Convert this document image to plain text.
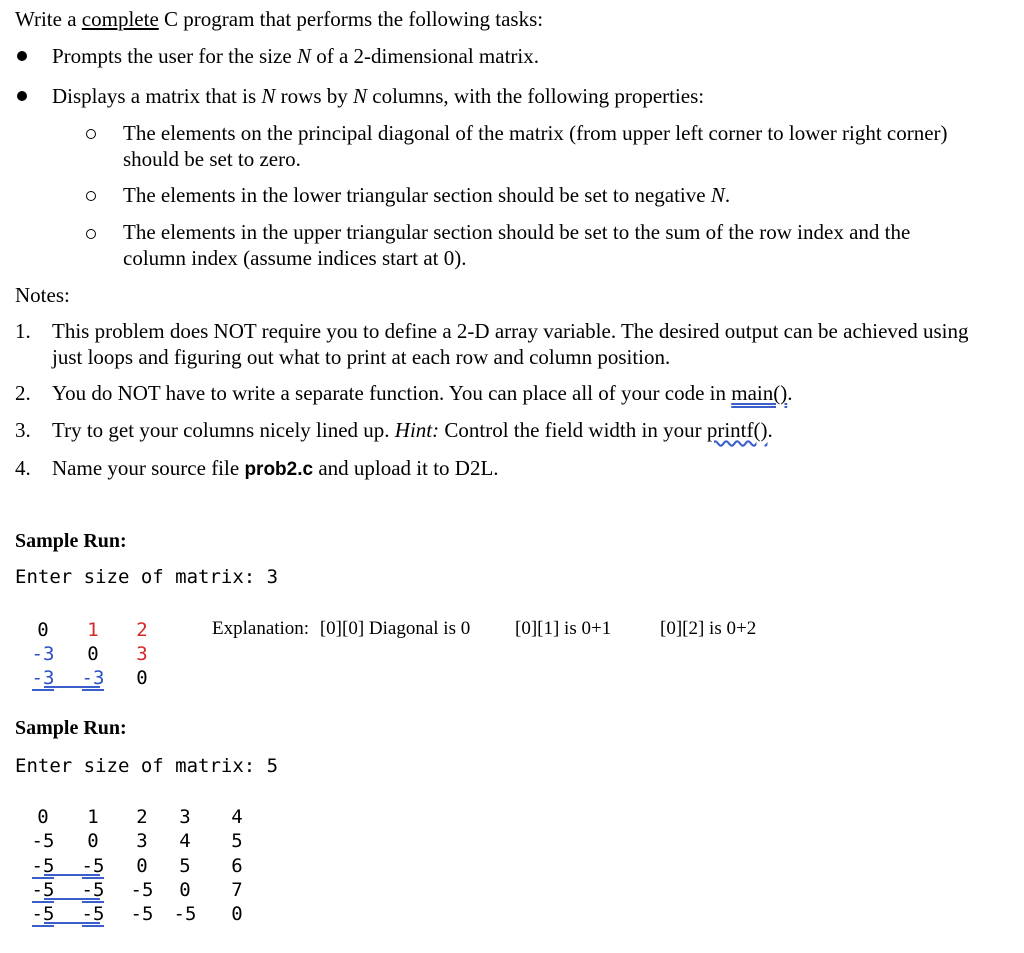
Write a complete C program that performs the following tasks:
Prompts the user for the size N of a 2-dimensional matrix.
Displays a matrix that is N rows by N columns, with the following properties:
The elements on the principal diagonal of the matrix (from upper left corner to lower right corner) should be set to zero.
The elements in the lower triangular section should be set to negative N.
The elements in the upper triangular section should be set to the sum of the row index and the column index (assume indices start at 0).
Notes:
1. This problem does NOT require you to define a 2-D array variable. The desired output can be achieved using just loops and figuring out what to print at each row and column position.
2. You do NOT have to write a separate function. You can place all of your code in main().
3. Try to get your columns nicely lined up. Hint: Control the field width in your printf().
4. Name your source file prob2.c and upload it to D2L.
Sample Run:
Enter size of matrix: 3
0	1	2
-3	0	3
-3 -3	0
Explanation: [0][0] Diagonal is 0 [0][1] is 0+1	[0][2] is 0+2
Sample Run:
Enter size of matrix: 5
0	1	2	3	4
-5	0	3	4	5
-5 -5	0	5	6
-5 -5 -5	0	7
-5 -5 -5 -5	0
